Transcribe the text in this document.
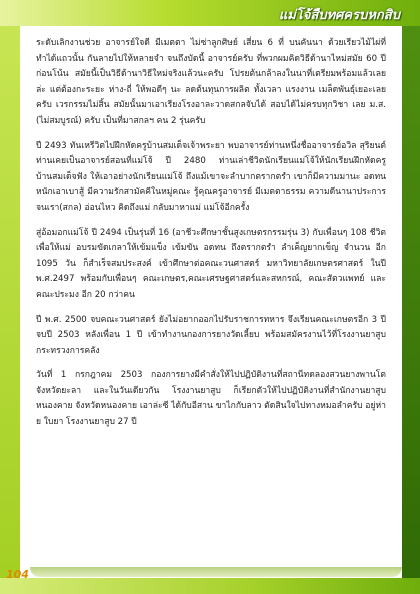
แม่โจ้สืบทศครบหกสิบ

ระดับเลิกงานช่วย อาจารย์ใจดี มีเมตตา ไม่ซ่าลูกศิษย์ เสี่ยน 6 ที่ บนคันนา ด้วยเรียวไม้ไผ่ที่ทำได้แถวนั้น กันลายไปให้หลายจำ จนถึงบัดนี้ อาจารย์ครับ ที่พวกผมคิดวิธีด้านาไหม่สมัย 60 ปีก่อนโน้น สมัยนี้เป็นวิธีด้านาวิธีใหม่จริงแล้วนะครับ โปรยต้นกล้าลงในนาที่เตรียมพร้อมแล้วเลยล่ะ แต่ต้องกะระยะ ห่าง-ถี่ ให้พอดีๆ นะ ลดต้นทุนการผลิต ทั้งเวลา แรงงาน เมล็ดพันธุ์เยอะเลยครับ เวรกรรมไม่สิ้น สมัยนั้นมาเอาเรียงโรงอาละวาดสกลจับได้ สอบได้ไม่ครบทุกวิชา เลย ม.ส. (ไม่สมบูรณ์) ครับ เป็นที่มาสกลฯ คน 2 รุ่นครับ

ปี 2493 ทันเหรีวิตไปฝึกหัดครูบ้านสมเด็จเจ้าพระยา พบอาจารย์ท่านหนึ่งชื่ออาจารย์อวิล สุริยนต์ ท่านเคยเป็นอาจารย์สอนที่แม่โจ้ ปี 2480 ท่านเล่าชีวิตนักเรียนแม่โจ้ให้นักเรียนฝึกหัดครูบ้านสมเด็จฟัง ให้เอาอย่างนักเรียนแม่โจ้ ถึงแม้เขาจะลำบากตรากตรำ เขาก็มีความมานะ อดทน หนักเอาเบาสู้ มีความรักสามัคคีในหมู่คณะ รู้คุณครูอาจารย์ มีเมตตาธรรม ความดีนานาประการ จนเรา(สกล) อ่อนไหว คิดถึงแม่ กลับมาหาแม่ แม่โจ้อีกครั้ง

สู่อ้อมอกแม่โจ้ ปี 2494 เป็นรุ่นที่ 16 (อาชีวะศึกษาชั้นสูงเกษตรกรรมรุ่น 3) กับเพื่อนๆ 108 ชีวิต เพื่อให้แม่ อบรมขัดเกลาให้เข้มแข็ง เข้มขัน อดทน ถึงตรากตรำ ลำเค็ญยากเข็ญ จำนวน อีก 1095 วัน ก็สำเร็จสมประสงค์ เข้าศึกษาต่อคณะวนศาสตร์ มหาวิทยาลัยเกษตรศาสตร์ ในปี พ.ศ.2497 พร้อมกับเพื่อนๆ คณะเกษตร,คณะเศรษฐศาสตร์และสหกรณ์, คณะสัตวแพทย์ และคณะประมง อีก 20 กว่าคน

ปี พ.ศ. 2500 จบคณะวนศาสตร์ ยังไม่อยากออกไปรับราชการทหาร จึงเรียนคณะเกษตรอีก 3 ปี จบปี 2503 หลังเพื่อน 1 ปี เข้าทำงานกองการยางวัดเลี้ยบ พร้อมสมัครงานไว้ที่โรงงานยาสูบ กระทรวงการคลัง

วันที่ 1 กรกฎาคม 2503 กองการยางมีคำสั่งให้ไปปฏิบัติงานที่สถานีทดลองสวนยางพานโต จังหวัดยะลา และในวันเดียวกัน โรงงานยาสูบ ก็เรียกตัวให้ไปปฏิบัติงานที่สำนักงานยาสูบหนองคาย จังหวัดหนองคาย เอาล่ะซี ได้กับอีสาน ขาไกกับลาว ตัดสินใจไปทางหมอลำครับ อยู่ห่าย ใบยา โรงงานยาสูบ 27 ปี

104
